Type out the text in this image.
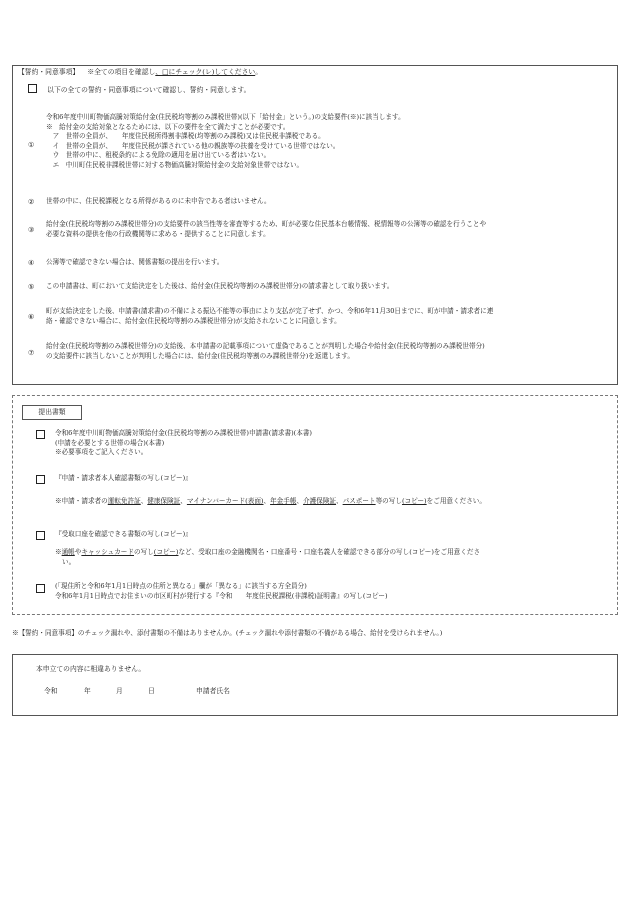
【誓約・同意事項】 ※全ての項目を確認し、□にチェック(レ)してください。
以下の全ての誓約・同意事項について確認し、誓約・同意します。
①
令和6年度中川町物価高騰対策給付金(住民税均等割のみ課税世帯)(以下「給付金」という。)の支給要件(※)に該当します。
※　給付金の支給対象となるためには、以下の要件を全て満たすことが必要です。
　ア　世帯の全員が、　　年度住民税所得割非課税(均等割のみ課税)又は住民税非課税である。
　イ　世帯の全員が、　　年度住民税が課されている他の親族等の扶養を受けている世帯ではない。
　ウ　世帯の中に、租税条約による免除の適用を届け出ている者はいない。
　エ　中川町住民税非課税世帯に対する物価高騰対策給付金の支給対象世帯ではない。
② 世帯の中に、住民税課税となる所得があるのに未申告である者はいません。
③
給付金(住民税均等割のみ課税世帯分)の支給要件の該当性等を審査等するため、町が必要な住民基本台帳情報、税情報等の公簿等の確認を行うことや
必要な資料の提供を他の行政機関等に求める・提供することに同意します。
④ 公簿等で確認できない場合は、関係書類の提出を行います。
⑤ この申請書は、町において支給決定をした後は、給付金(住民税均等割のみ課税世帯分)の請求書として取り扱います。
⑥
町が支給決定をした後、申請書(請求書)の不備による振込不能等の事由により支払が完了せず、かつ、令和6年11月30日までに、町が申請・請求者に連
絡・確認できない場合に、給付金(住民税均等割のみ課税世帯分)が支給されないことに同意します。
⑦
給付金(住民税均等割のみ課税世帯分)の支給後、本申請書の記載事項について虚偽であることが判明した場合や給付金(住民税均等割のみ課税世帯分)
の支給要件に該当しないことが判明した場合には、給付金(住民税均等割のみ課税世帯分)を返還します。
提出書類
令和6年度中川町物価高騰対策給付金(住民税均等割のみ課税世帯)申請書(請求書)(本書)
(申請を必要とする世帯の場合)(本書)
※必要事項をご記入ください。
『申請・請求者本人確認書類の写し(コピー)』
※申請・請求者の運転免許証、健康保険証、マイナンバーカード(表面)、年金手帳、介護保険証、パスポート等の写し(コピー)をご用意ください。
『受取口座を確認できる書類の写し(コピー)』
※通帳やキャッシュカードの写し(コピー)など、受取口座の金融機関名・口座番号・口座名義人を確認できる部分の写し(コピー)をご用意くださ
い。
(「現住所と令和6年1月1日時点の住所と異なる」欄が「異なる」に該当する方全員分)
令和6年1月1日時点でお住まいの市区町村が発行する『令和　　年度住民税課税(非課税)証明書』の写し(コピー)
※【誓約・同意事項】のチェック漏れや、添付書類の不備はありませんか。(チェック漏れや添付書類の不備がある場合、給付を受けられません。)
本申立ての内容に相違ありません。
令和	年	月	日	申請者氏名
